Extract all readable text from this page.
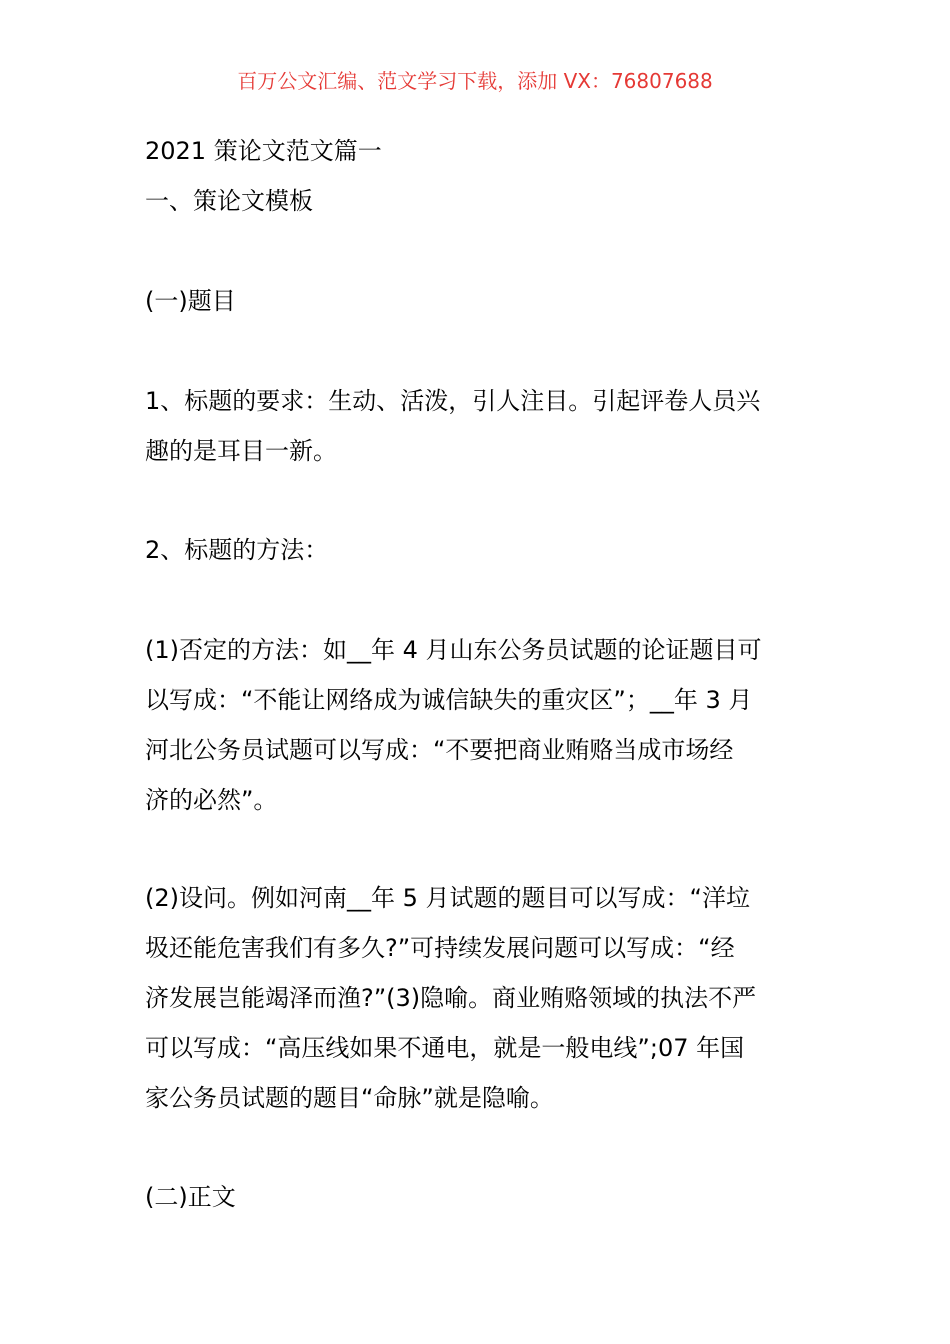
百万公文汇编、范文学习下载，添加 VX：76807688
2021 策论文范文篇一
一、策论文模板
(一)题目
1、标题的要求：生动、活泼，引人注目。引起评卷人员兴
趣的是耳目一新。
2、标题的方法：
(1)否定的方法：如__年 4 月山东公务员试题的论证题目可
以写成：“不能让网络成为诚信缺失的重灾区”；__年 3 月
河北公务员试题可以写成：“不要把商业贿赂当成市场经
济的必然”。
(2)设问。例如河南__年 5 月试题的题目可以写成：“洋垃
圾还能危害我们有多久?”可持续发展问题可以写成：“经
济发展岂能竭泽而渔?”(3)隐喻。商业贿赂领域的执法不严
可以写成：“高压线如果不通电，就是一般电线”;07 年国
家公务员试题的题目“命脉”就是隐喻。
(二)正文
